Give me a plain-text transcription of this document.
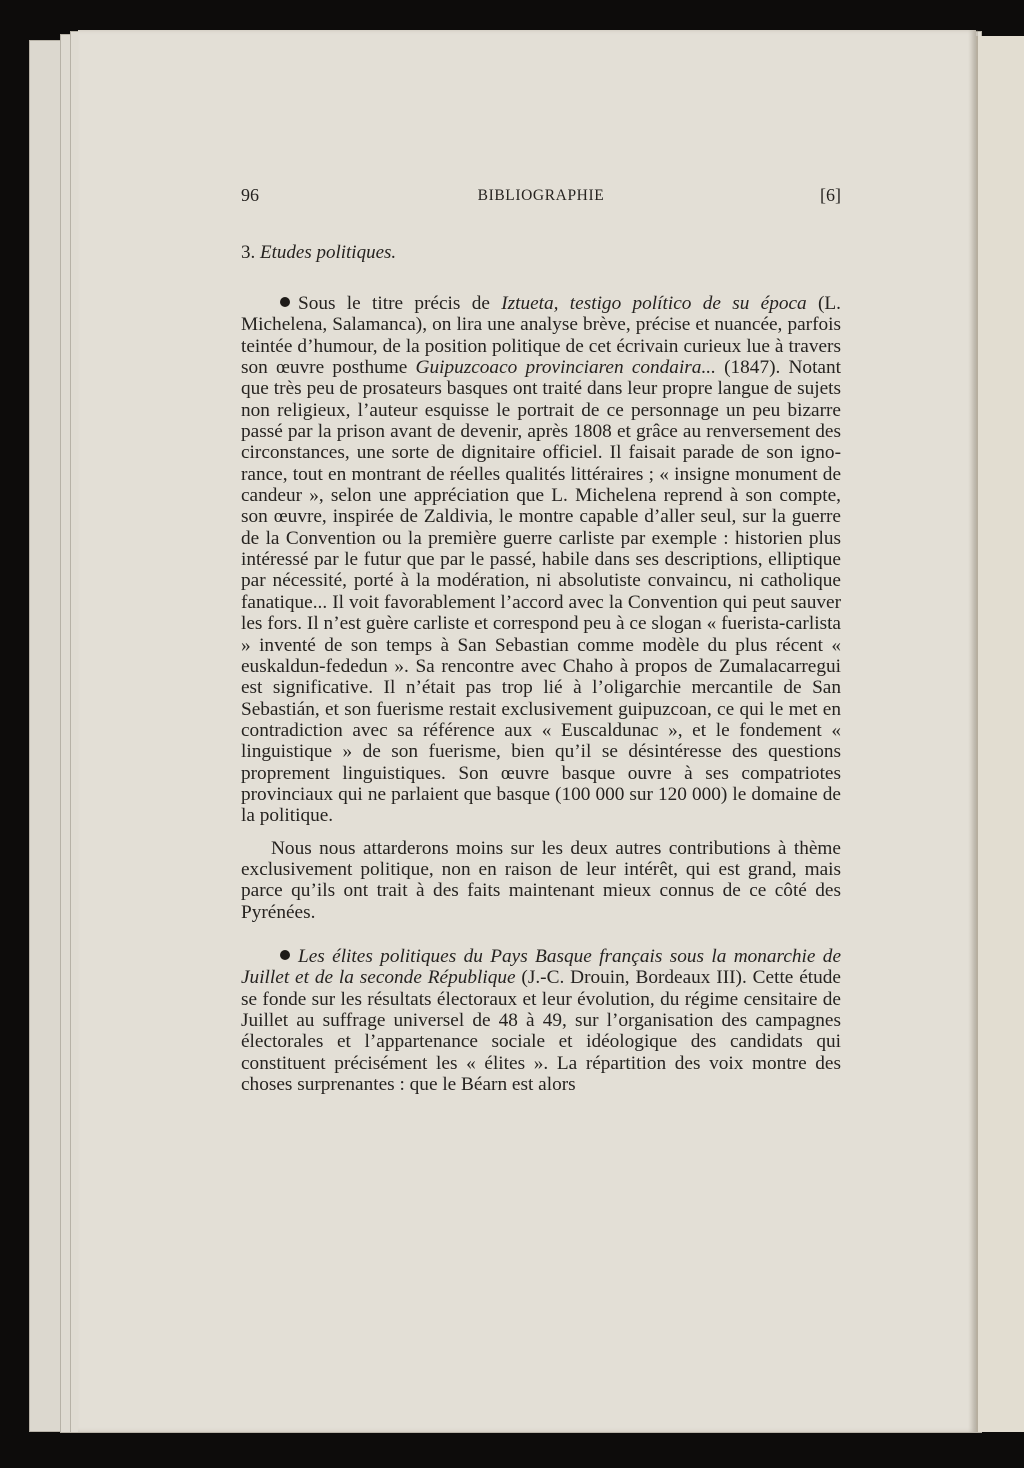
96	BIBLIOGRAPHIE	[6]
3. Etudes politiques.

Sous le titre précis de Iztueta, testigo político de su época (L. Michelena, Salamanca), on lira une analyse brève, précise et nuancée, parfois teintée d’humour, de la position politique de cet écrivain curieux lue à travers son œuvre posthume Guipuzcoaco provinciaren condaira... (1847). Notant que très peu de prosateurs basques ont traité dans leur propre langue de sujets non religieux, l’auteur esquisse le portrait de ce personnage un peu bizarre passé par la prison avant de devenir, après 1808 et grâce au renversement des circonstances, une sorte de dignitaire officiel. Il faisait parade de son ignorance, tout en montrant de réelles qualités littéraires ; « insigne monument de candeur », selon une appréciation que L. Michelena reprend à son compte, son œuvre, inspirée de Zaldivia, le montre capable d’aller seul, sur la guerre de la Convention ou la première guerre carliste par exemple : historien plus intéressé par le futur que par le passé, habile dans ses descriptions, elliptique par nécessité, porté à la modération, ni absolutiste convaincu, ni catholique fanatique... Il voit favorablement l’accord avec la Convention qui peut sauver les fors. Il n’est guère carliste et correspond peu à ce slogan « fuerista-carlista » inventé de son temps à San Sebastian comme modèle du plus récent « euskaldun-fededun ». Sa rencontre avec Chaho à propos de Zumalacarregui est significative. Il n’était pas trop lié à l’oligarchie mercantile de San Sebastián, et son fuerisme restait exclusivement guipuzcoan, ce qui le met en contradiction avec sa référence aux « Euscaldunac », et le fondement « linguistique » de son fuerisme, bien qu’il se désintéresse des questions proprement linguistiques. Son œuvre basque ouvre à ses compatriotes provinciaux qui ne parlaient que basque (100 000 sur 120 000) le domaine de la politique.

Nous nous attarderons moins sur les deux autres contributions à thème exclusivement politique, non en raison de leur intérêt, qui est grand, mais parce qu’ils ont trait à des faits maintenant mieux connus de ce côté des Pyrénées.

Les élites politiques du Pays Basque français sous la monarchie de Juillet et de la seconde République (J.-C. Drouin, Bordeaux III). Cette étude se fonde sur les résultats électoraux et leur évolution, du régime censitaire de Juillet au suffrage universel de 48 à 49, sur l’organisation des campagnes électorales et l’appartenance sociale et idéologique des candidats qui constituent précisément les « élites ». La répartition des voix montre des choses surprenantes : que le Béarn est alors
